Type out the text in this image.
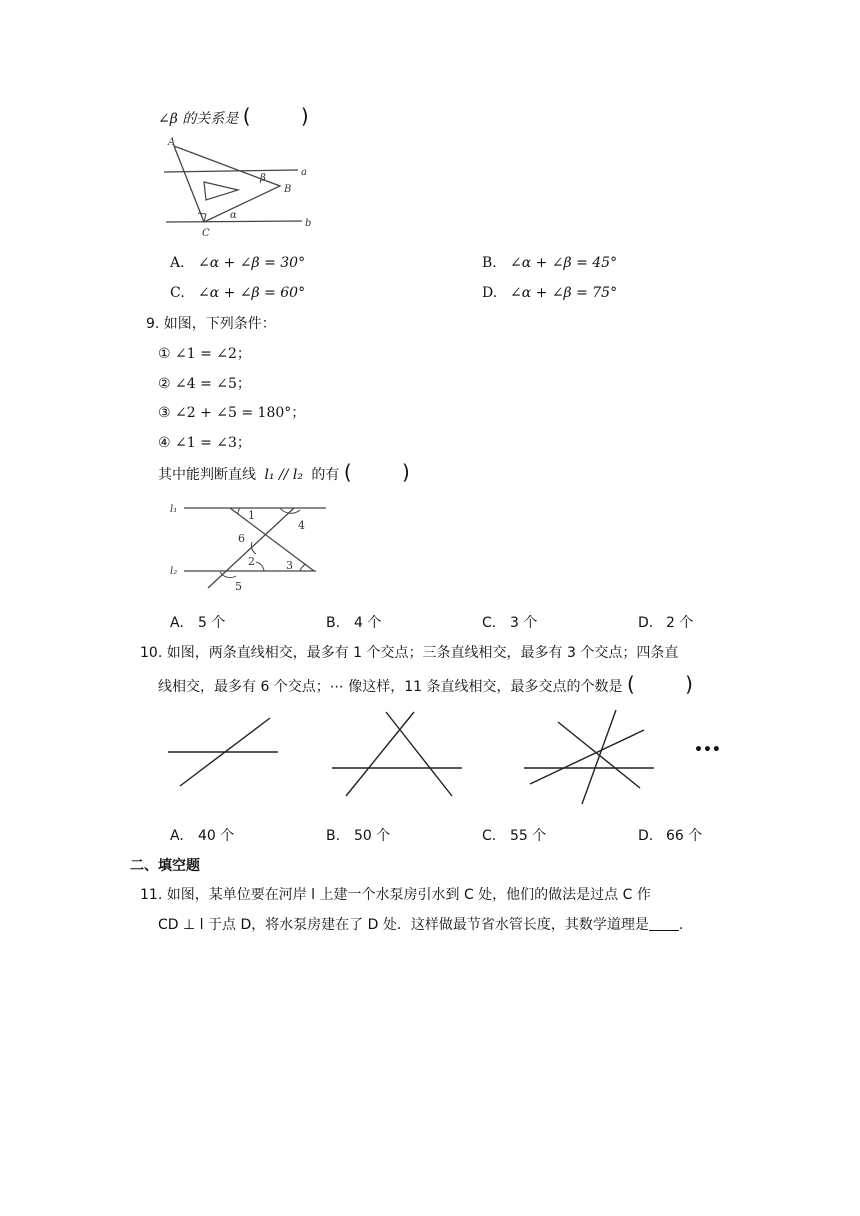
∠β 的关系是 ( )
A
B
C
a
b
α
β
A. ∠α + ∠β = 30°	B. ∠α + ∠β = 45°
C. ∠α + ∠β = 60°	D. ∠α + ∠β = 75°
9. 如图，下列条件：
① ∠1 = ∠2；
② ∠4 = ∠5；
③ ∠2 + ∠5 = 180°；
④ ∠1 = ∠3；
其中能判断直线 l₁ // l₂ 的有 ( )
l₁
l₂
1
2	3
4
5
6
A. 5 个	B. 4 个	C. 3 个	D. 2 个
10. 如图，两条直线相交，最多有 1 个交点；三条直线相交，最多有 3 个交点；四条直
线相交，最多有 6 个交点；⋯ 像这样，11 条直线相交，最多交点的个数是 ( )
•••
A. 40 个	B. 50 个	C. 55 个	D. 66 个
二、填空题
11. 如图，某单位要在河岸 l 上建一个水泵房引水到 C 处，他们的做法是过点 C 作
CD ⊥ l 于点 D，将水泵房建在了 D 处．这样做最节省水管长度，其数学道理是 .
